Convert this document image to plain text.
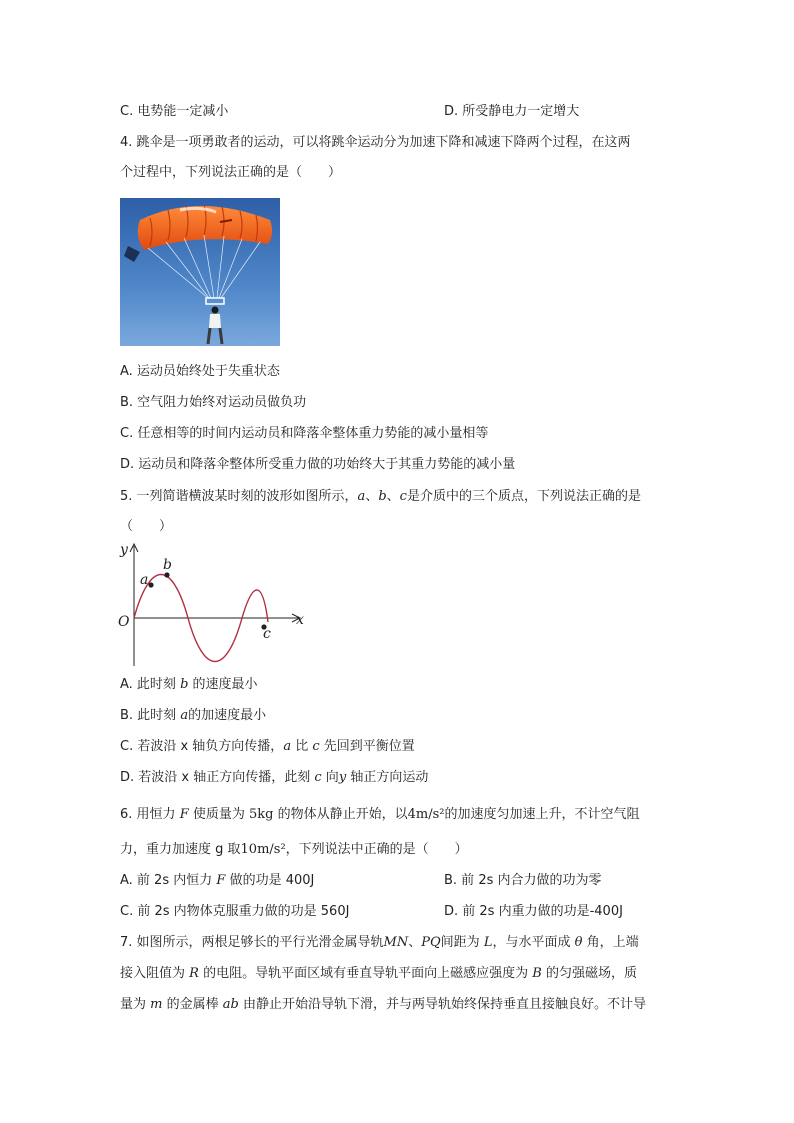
C. 电势能一定减小	D. 所受静电力一定增大
4. 跳伞是一项勇敢者的运动，可以将跳伞运动分为加速下降和减速下降两个过程，在这两
个过程中，下列说法正确的是（　　）
A. 运动员始终处于失重状态
B. 空气阻力始终对运动员做负功
C. 任意相等的时间内运动员和降落伞整体重力势能的减小量相等
D. 运动员和降落伞整体所受重力做的功始终大于其重力势能的减小量
5. 一列简谐横波某时刻的波形如图所示，a、b、c是介质中的三个质点，下列说法正确的是
（　　）
y
x
O
a
b
c
A. 此时刻 b 的速度最小
B. 此时刻 a的加速度最小
C. 若波沿 x 轴负方向传播，a 比 c 先回到平衡位置
D. 若波沿 x 轴正方向传播，此刻 c 向y 轴正方向运动
6. 用恒力 F 使质量为 5kg 的物体从静止开始，以4m/s²的加速度匀加速上升，不计空气阻
力，重力加速度 g 取10m/s²，下列说法中正确的是（　　）
A. 前 2s 内恒力 F 做的功是 400J	B. 前 2s 内合力做的功为零
C. 前 2s 内物体克服重力做的功是 560J	D. 前 2s 内重力做的功是-400J
7. 如图所示，两根足够长的平行光滑金属导轨MN、PQ间距为 L，与水平面成 θ 角，上端
接入阻值为 R 的电阻。导轨平面区域有垂直导轨平面向上磁感应强度为 B 的匀强磁场，质
量为 m 的金属棒 ab 由静止开始沿导轨下滑，并与两导轨始终保持垂直且接触良好。不计导
